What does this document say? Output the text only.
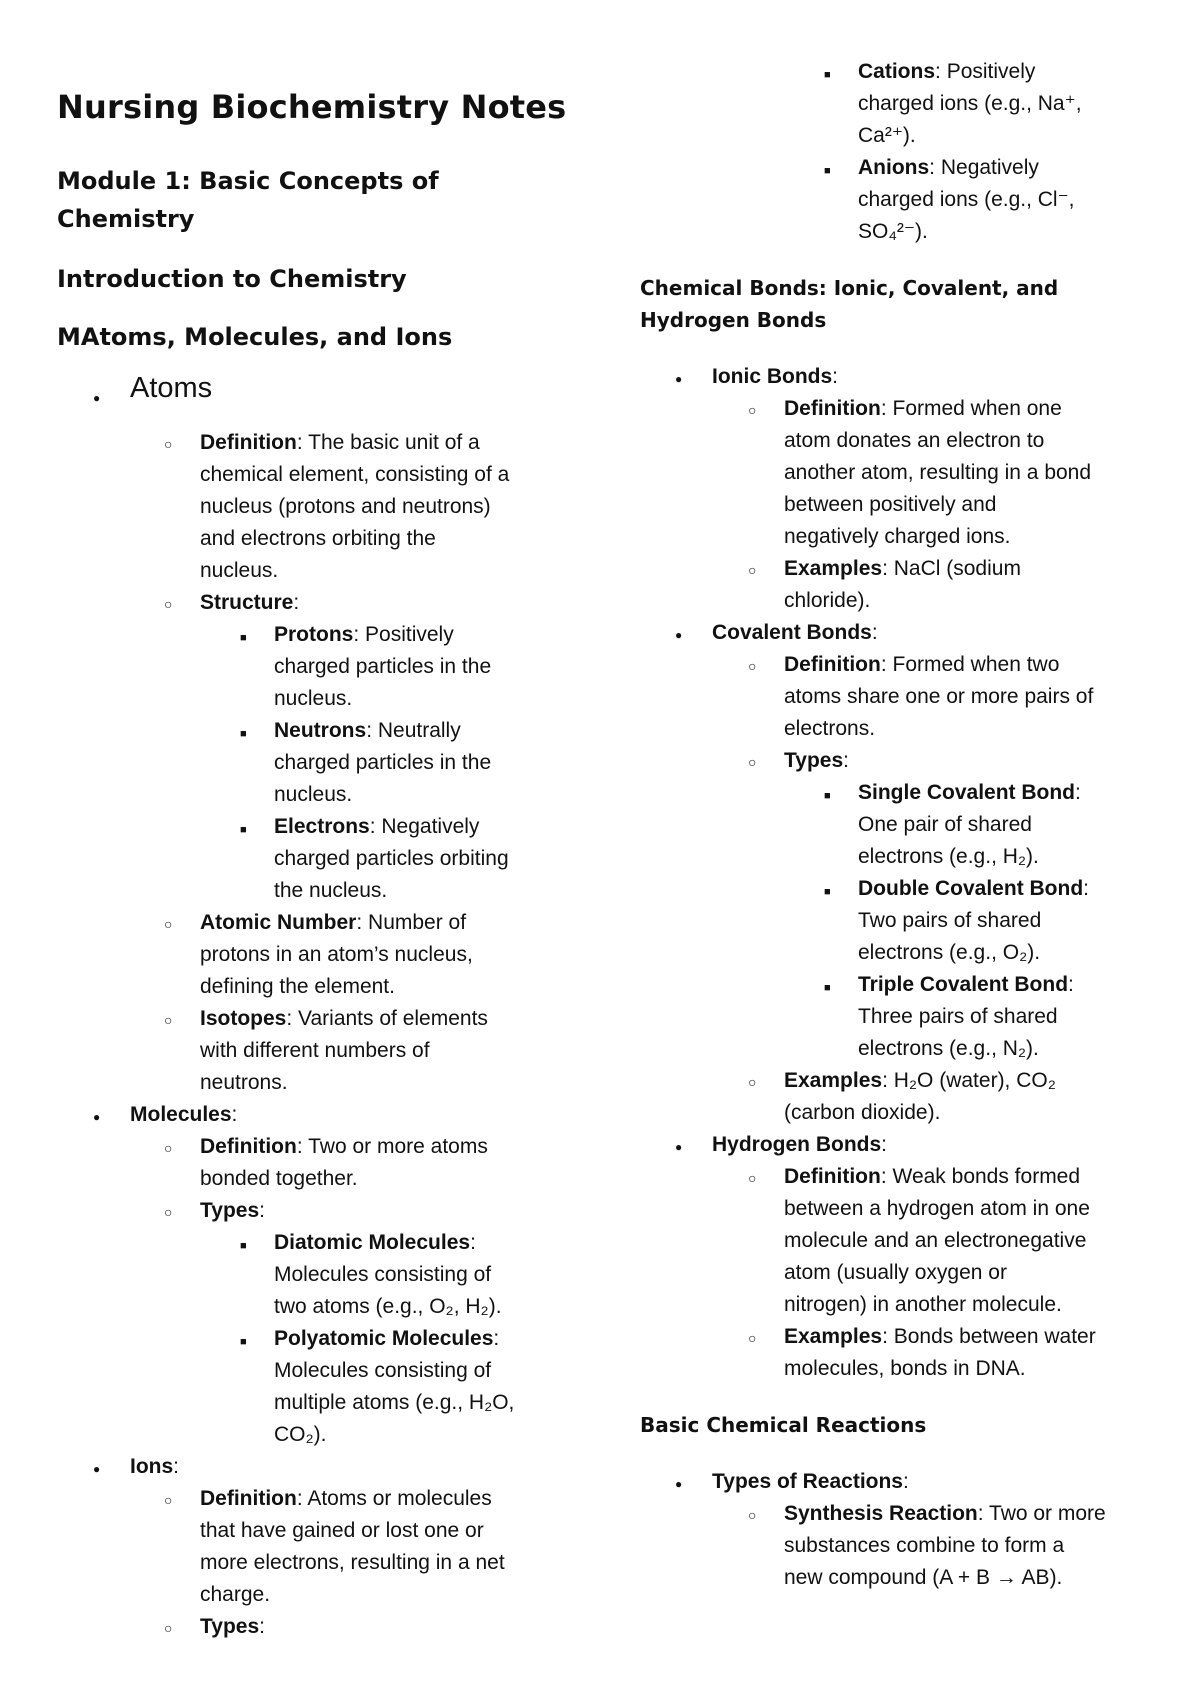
Nursing Biochemistry Notes
Module 1: Basic Concepts of
Chemistry
Introduction to Chemistry
MAtoms, Molecules, and Ions
●
Atoms
○
Definition: The basic unit of a
chemical element, consisting of a
nucleus (protons and neutrons)
and electrons orbiting the
nucleus.
○
Structure:
■
Protons: Positively
charged particles in the
nucleus.
■
Neutrons: Neutrally
charged particles in the
nucleus.
■
Electrons: Negatively
charged particles orbiting
the nucleus.
○
Atomic Number: Number of
protons in an atom’s nucleus,
defining the element.
○
Isotopes: Variants of elements
with different numbers of
neutrons.
●
Molecules:
○
Definition: Two or more atoms
bonded together.
○
Types:
■
Diatomic Molecules:
Molecules consisting of
two atoms (e.g., O₂, H₂).
■
Polyatomic Molecules:
Molecules consisting of
multiple atoms (e.g., H₂O,
CO₂).
●
Ions:
○
Definition: Atoms or molecules
that have gained or lost one or
more electrons, resulting in a net
charge.
○
Types:
■
Cations: Positively
charged ions (e.g., Na⁺,
Ca²⁺).
■
Anions: Negatively
charged ions (e.g., Cl⁻,
SO₄²⁻).
Chemical Bonds: Ionic, Covalent, and
Hydrogen Bonds
●
Ionic Bonds:
○
Definition: Formed when one
atom donates an electron to
another atom, resulting in a bond
between positively and
negatively charged ions.
○
Examples: NaCl (sodium
chloride).
●
Covalent Bonds:
○
Definition: Formed when two
atoms share one or more pairs of
electrons.
○
Types:
■
Single Covalent Bond:
One pair of shared
electrons (e.g., H₂).
■
Double Covalent Bond:
Two pairs of shared
electrons (e.g., O₂).
■
Triple Covalent Bond:
Three pairs of shared
electrons (e.g., N₂).
○
Examples: H₂O (water), CO₂
(carbon dioxide).
●
Hydrogen Bonds:
○
Definition: Weak bonds formed
between a hydrogen atom in one
molecule and an electronegative
atom (usually oxygen or
nitrogen) in another molecule.
○
Examples: Bonds between water
molecules, bonds in DNA.
Basic Chemical Reactions
●
Types of Reactions:
○
Synthesis Reaction: Two or more
substances combine to form a
new compound (A + B → AB).
